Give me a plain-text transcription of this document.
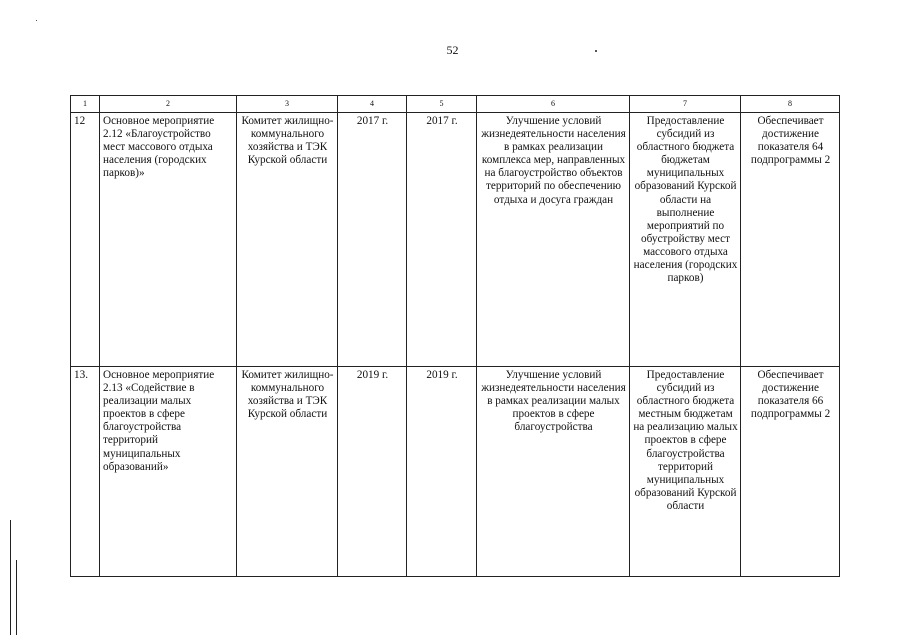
52
1	2	3	4	5	6	7	8
12	Основное мероприятие 2.12 «Благоустройство мест массового отдыха населения (городских парков)»	Комитет жилищно-коммунального хозяйства и ТЭК Курской области	2017 г.	2017 г.	Улучшение условий жизнедеятельности населения в рамках реализации комплекса мер, направленных на благоустройство объектов территорий по обеспечению отдыха и досуга граждан	Предоставление субсидий из областного бюджета бюджетам муниципальных образований Курской области на выполнение мероприятий по обустройству мест массового отдыха населения (городских парков)	Обеспечивает достижение показателя 64 подпрограммы 2
13.	Основное мероприятие 2.13 «Содействие в реализации малых проектов в сфере благоустройства территорий муниципальных образований»	Комитет жилищно-коммунального хозяйства и ТЭК Курской области	2019 г.	2019 г.	Улучшение условий жизнедеятельности населения в рамках реализации малых проектов в сфере благоустройства	Предоставление субсидий из областного бюджета местным бюджетам на реализацию малых проектов в сфере благоустройства территорий муниципальных образований Курской области	Обеспечивает достижение показателя 66 подпрограммы 2
